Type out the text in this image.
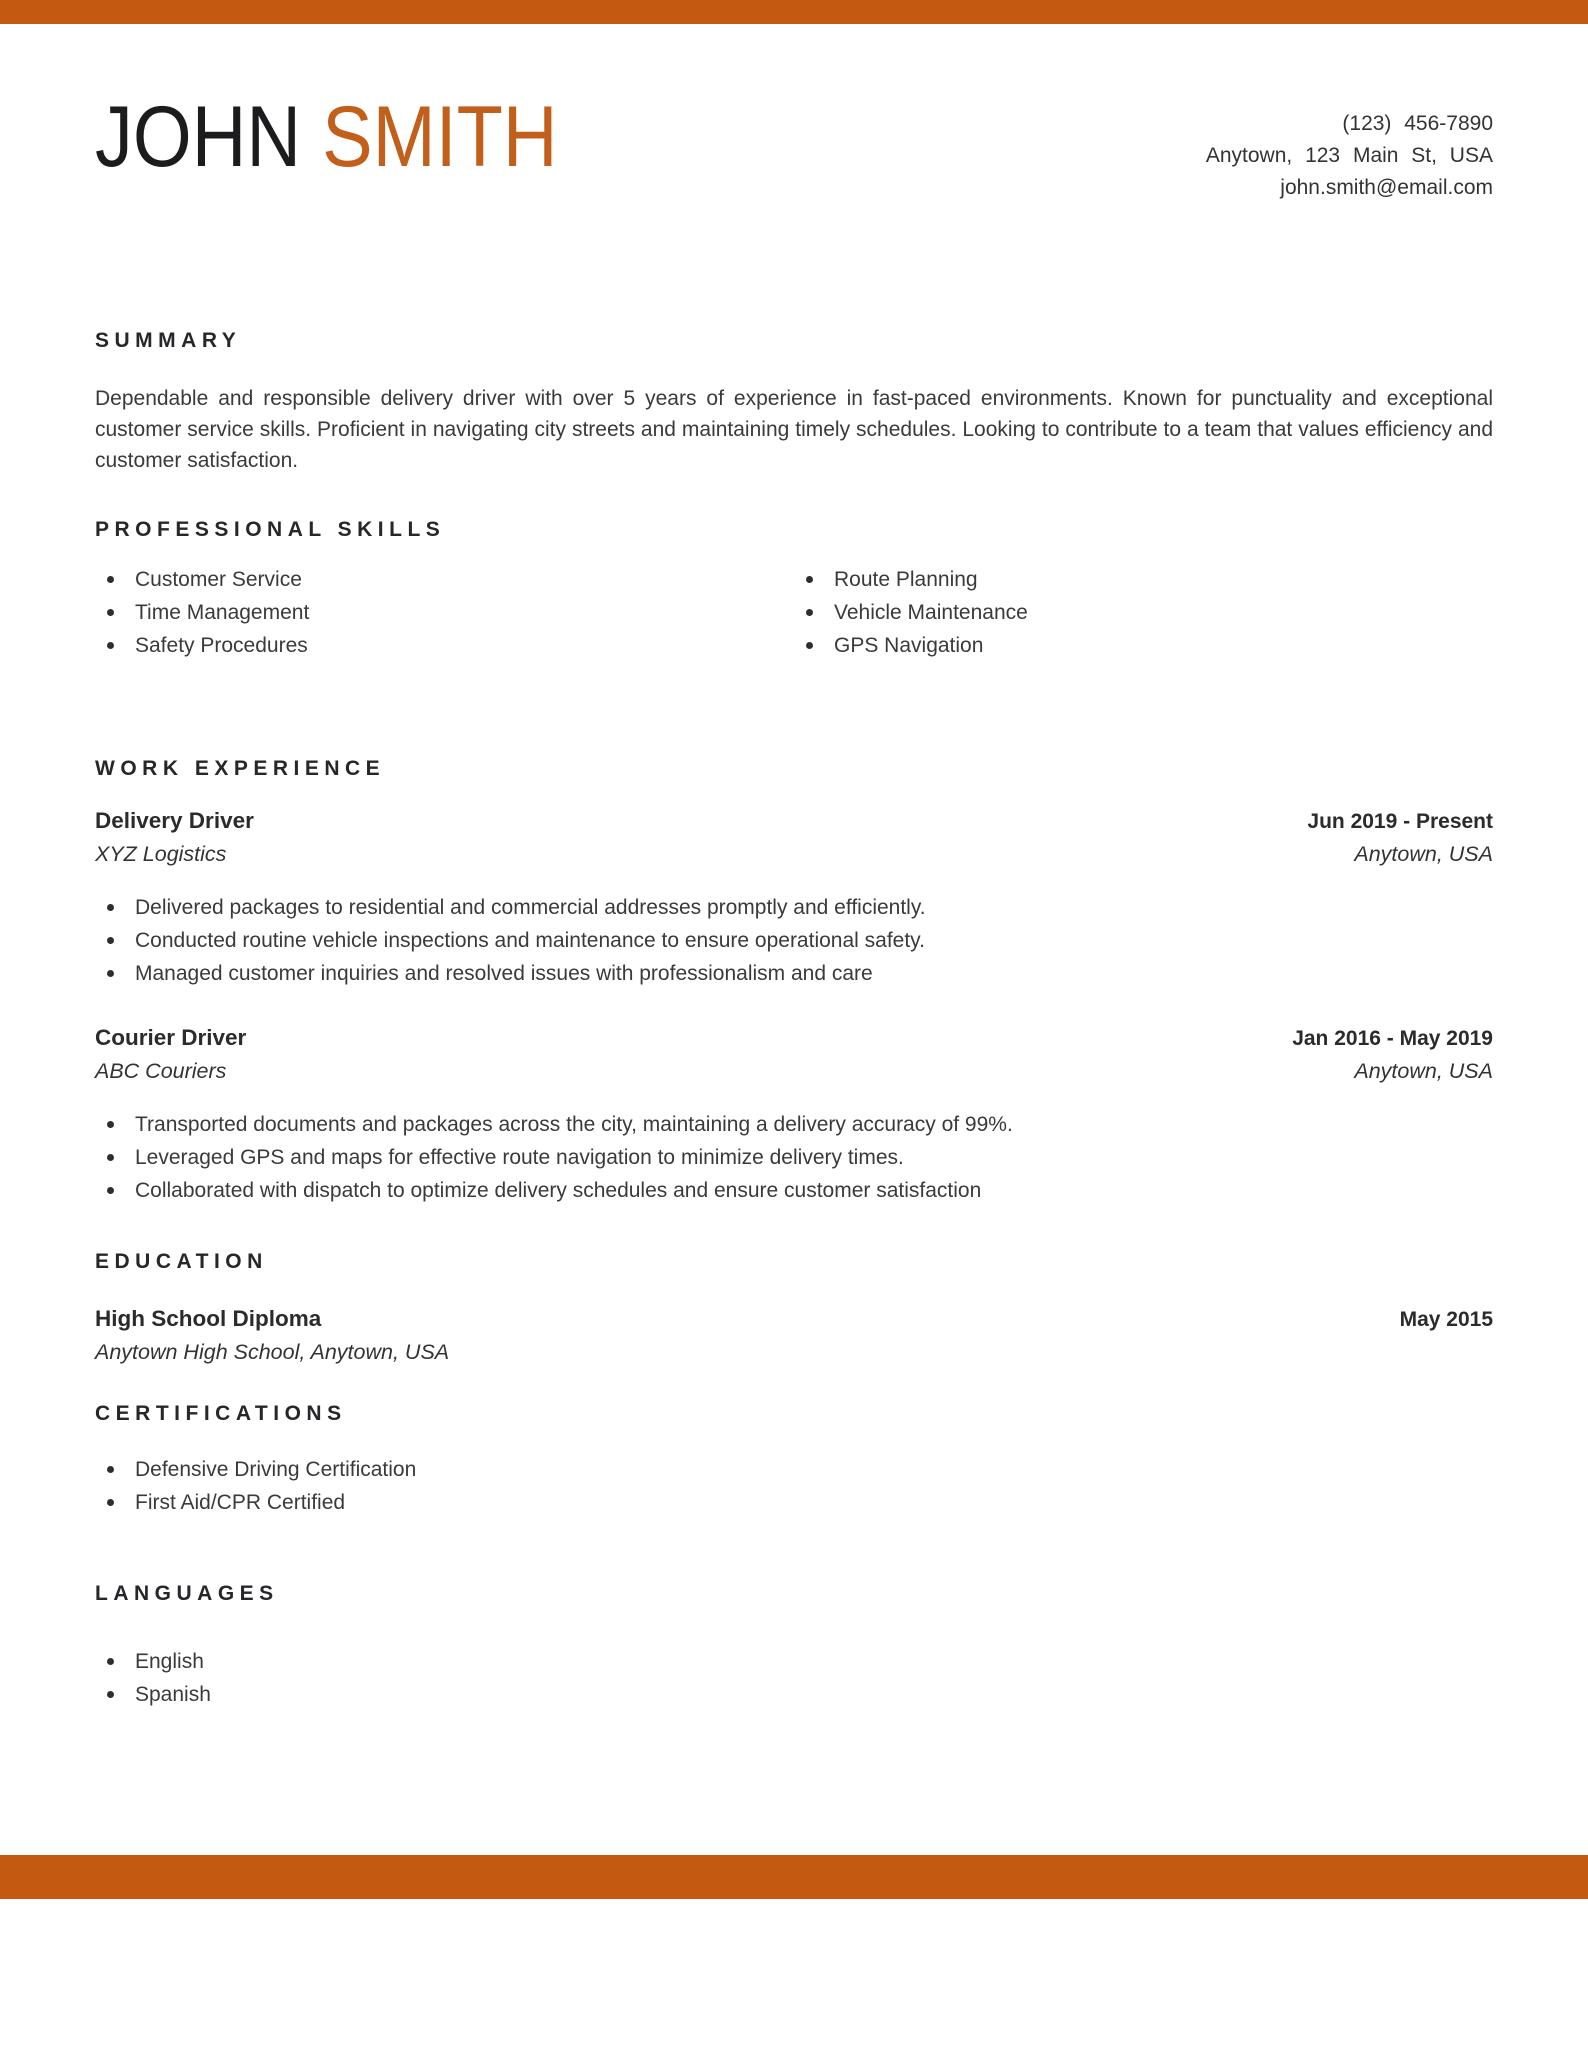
JOHN SMITH	(123) 456-7890
Anytown, 123 Main St, USA
john.smith@email.com
SUMMARY

Dependable and responsible delivery driver with over 5 years of experience in fast-paced environments. Known for punctuality and exceptional customer service skills. Proficient in navigating city streets and maintaining timely schedules. Looking to contribute to a team that values efficiency and customer satisfaction.

PROFESSIONAL SKILLS
Customer Service
Time Management
Safety Procedures
Route Planning
Vehicle Maintenance
GPS Navigation
WORK EXPERIENCE
Delivery Driver	Jun 2019 - Present
XYZ Logistics	Anytown, USA
Delivered packages to residential and commercial addresses promptly and efficiently.
Conducted routine vehicle inspections and maintenance to ensure operational safety.
Managed customer inquiries and resolved issues with professionalism and care
Courier Driver	Jan 2016 - May 2019
ABC Couriers	Anytown, USA
Transported documents and packages across the city, maintaining a delivery accuracy of 99%.
Leveraged GPS and maps for effective route navigation to minimize delivery times.
Collaborated with dispatch to optimize delivery schedules and ensure customer satisfaction
EDUCATION
High School Diploma	May 2015
Anytown High School, Anytown, USA
CERTIFICATIONS
Defensive Driving Certification
First Aid/CPR Certified
LANGUAGES
English
Spanish
